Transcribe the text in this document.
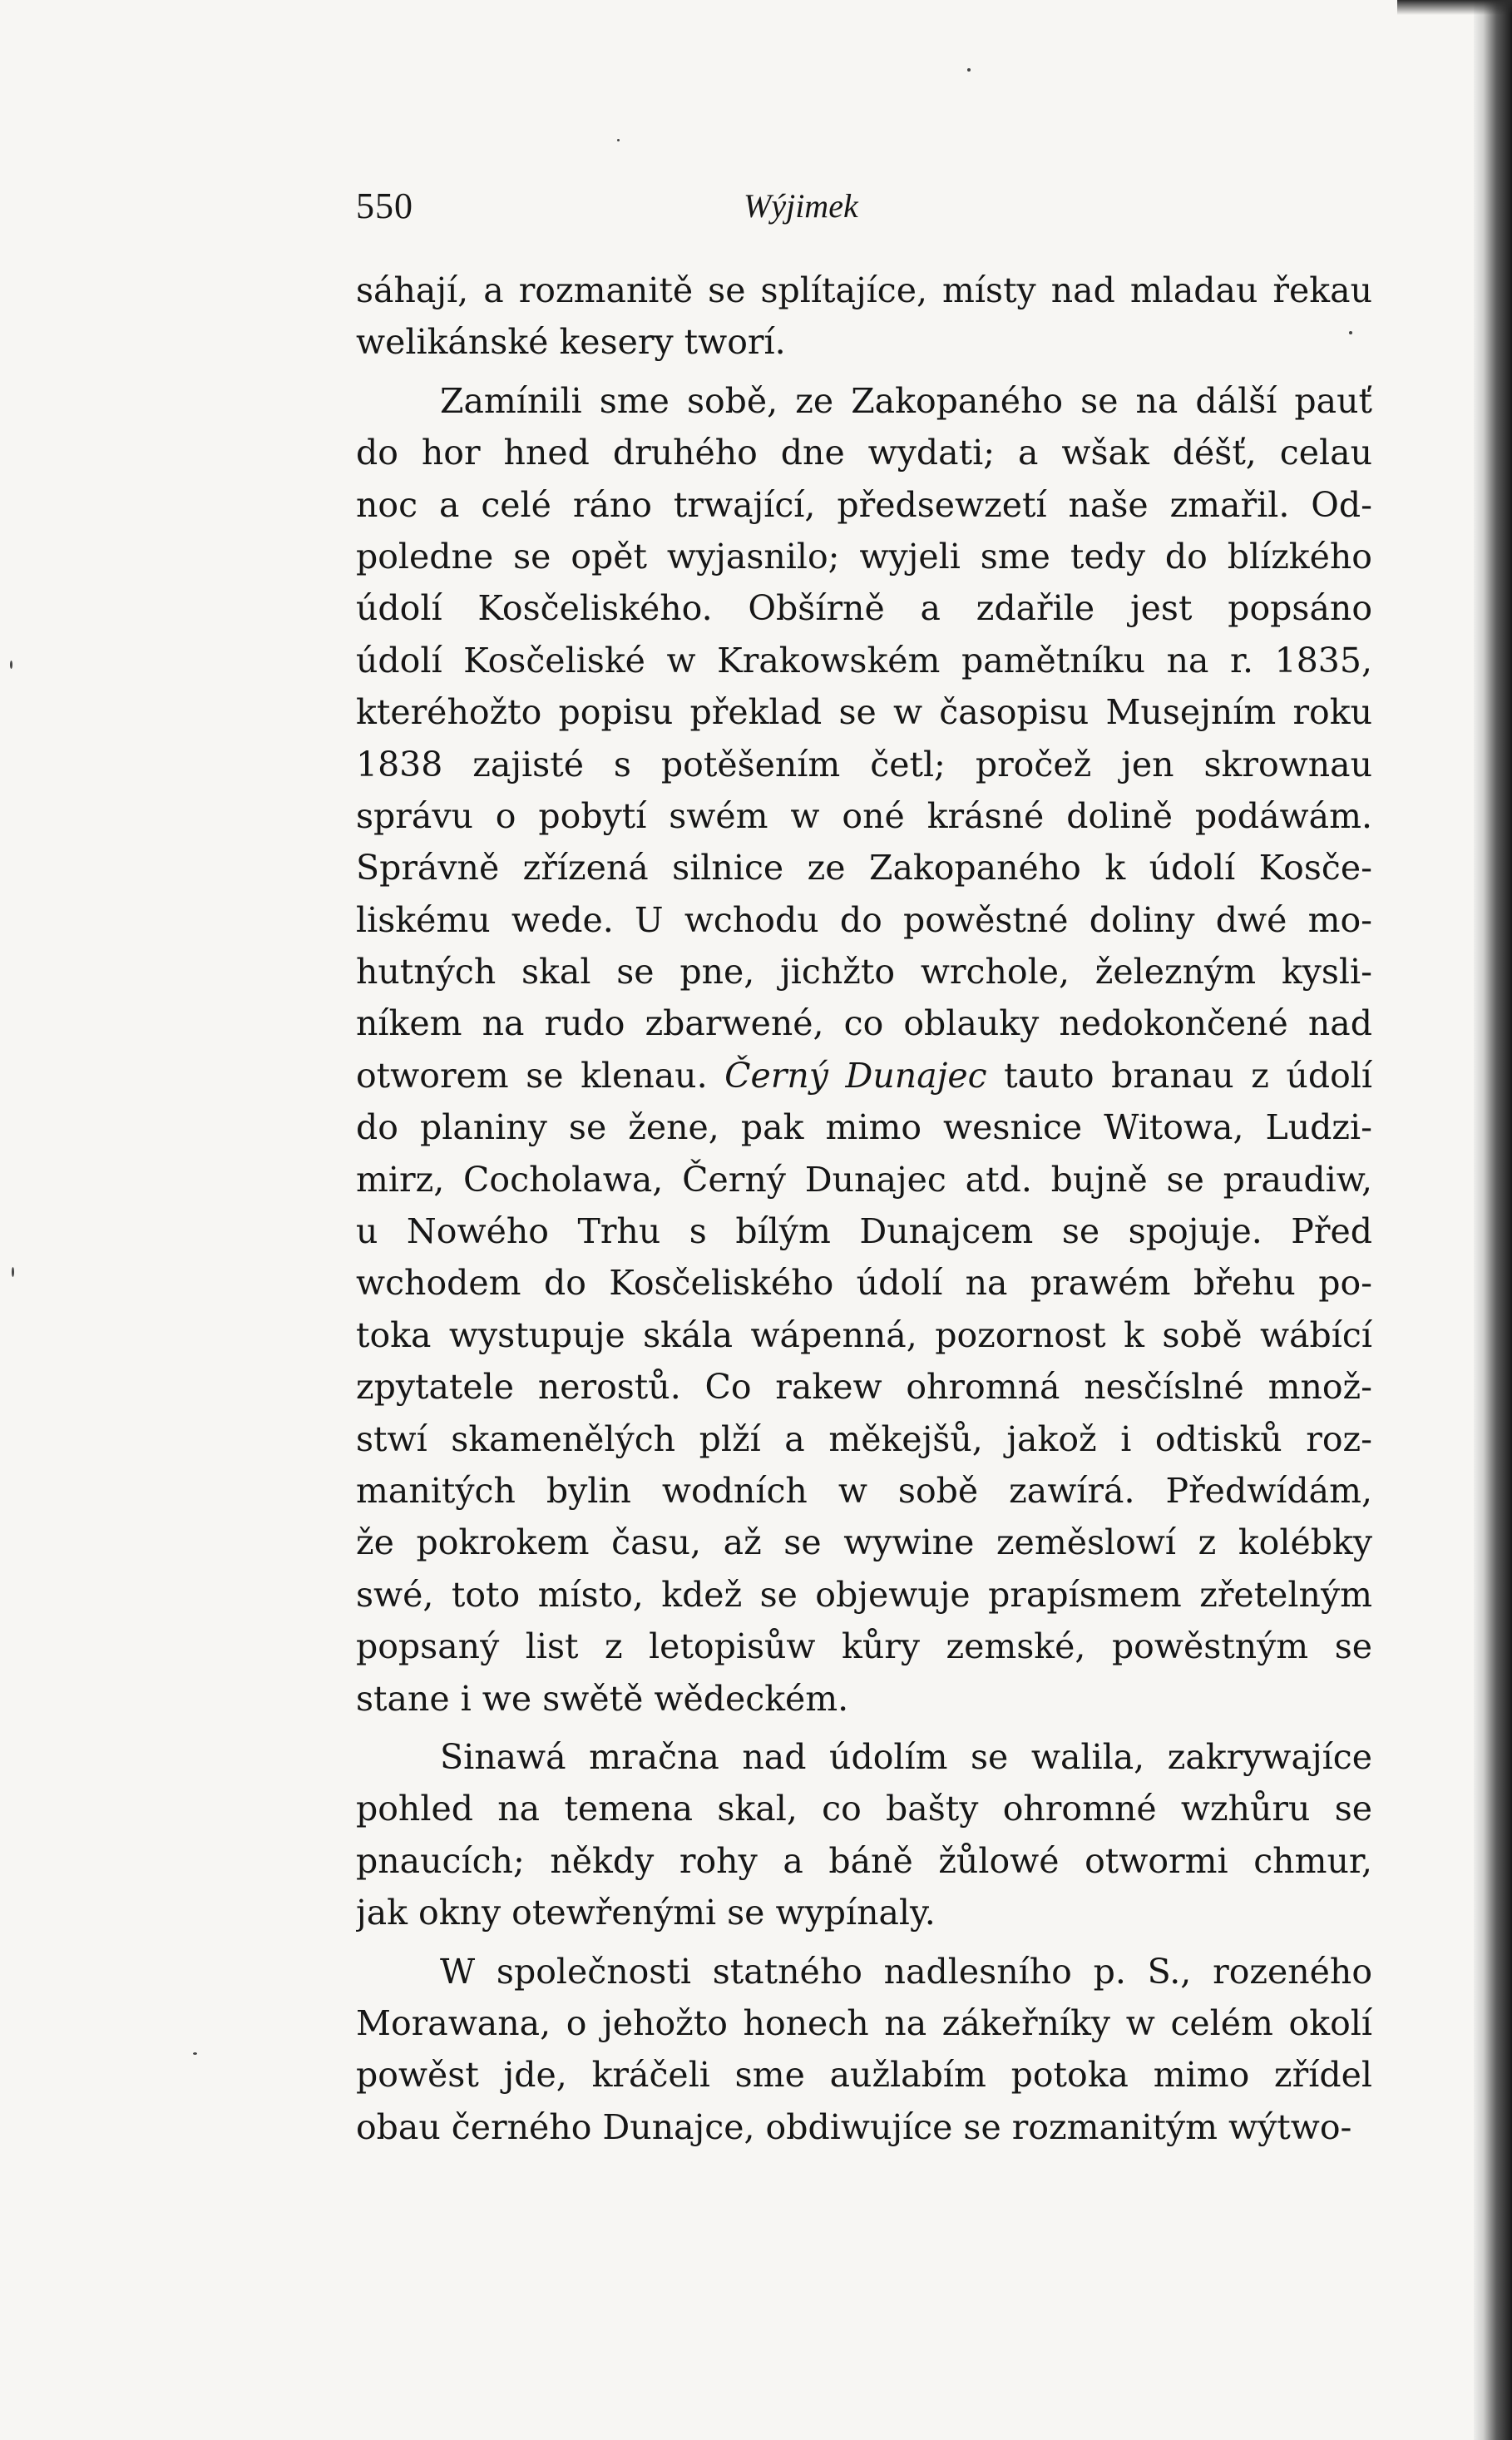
550	Wýjimek
sáhají, a rozmanitě se splítajíce, místy nad mladau řekau
welikánské kesery tworí.
Zamínili sme sobě, ze Zakopaného se na dálší pauť
do hor hned druhého dne wydati; a wšak déšť, celau
noc a celé ráno trwající, předsewzetí naše zmařil. Od-
poledne se opět wyjasnilo; wyjeli sme tedy do blízkého
údolí Kosčeliského. Obšírně a zdařile jest popsáno
údolí Kosčeliské w Krakowském pamětníku na r. 1835,
kteréhožto popisu překlad se w časopisu Musejním roku
1838 zajisté s potěšením četl; pročež jen skrownau
správu o pobytí swém w oné krásné dolině podáwám.
Správně zřízená silnice ze Zakopaného k údolí Kosče-
liskému wede. U wchodu do powěstné doliny dwé mo-
hutných skal se pne, jichžto wrchole, železným kysli-
níkem na rudo zbarwené, co oblauky nedokončené nad
otworem se klenau. Černý Dunajec tauto branau z údolí
do planiny se žene, pak mimo wesnice Witowa, Ludzi-
mirz, Cocholawa, Černý Dunajec atd. bujně se praudiw,
u Nowého Trhu s bílým Dunajcem se spojuje. Před
wchodem do Kosčeliského údolí na prawém břehu po-
toka wystupuje skála wápenná, pozornost k sobě wábící
zpytatele nerostů. Co rakew ohromná nesčíslné množ-
stwí skamenělých plží a měkejšů, jakož i odtisků roz-
manitých bylin wodních w sobě zawírá. Předwídám,
že pokrokem času, až se wywine zeměslowí z kolébky
swé, toto místo, kdež se objewuje prapísmem zřetelným
popsaný list z letopisůw kůry zemské, powěstným se
stane i we swětě wědeckém.
Sinawá mračna nad údolím se walila, zakrywajíce
pohled na temena skal, co bašty ohromné wzhůru se
pnaucích; někdy rohy a báně žůlowé otwormi chmur,
jak okny otewřenými se wypínaly.
W společnosti statného nadlesního p. S., rozeného
Morawana, o jehožto honech na zákeřníky w celém okolí
powěst jde, kráčeli sme aužlabím potoka mimo zřídel
obau černého Dunajce, obdiwujíce se rozmanitým wýtwo-
